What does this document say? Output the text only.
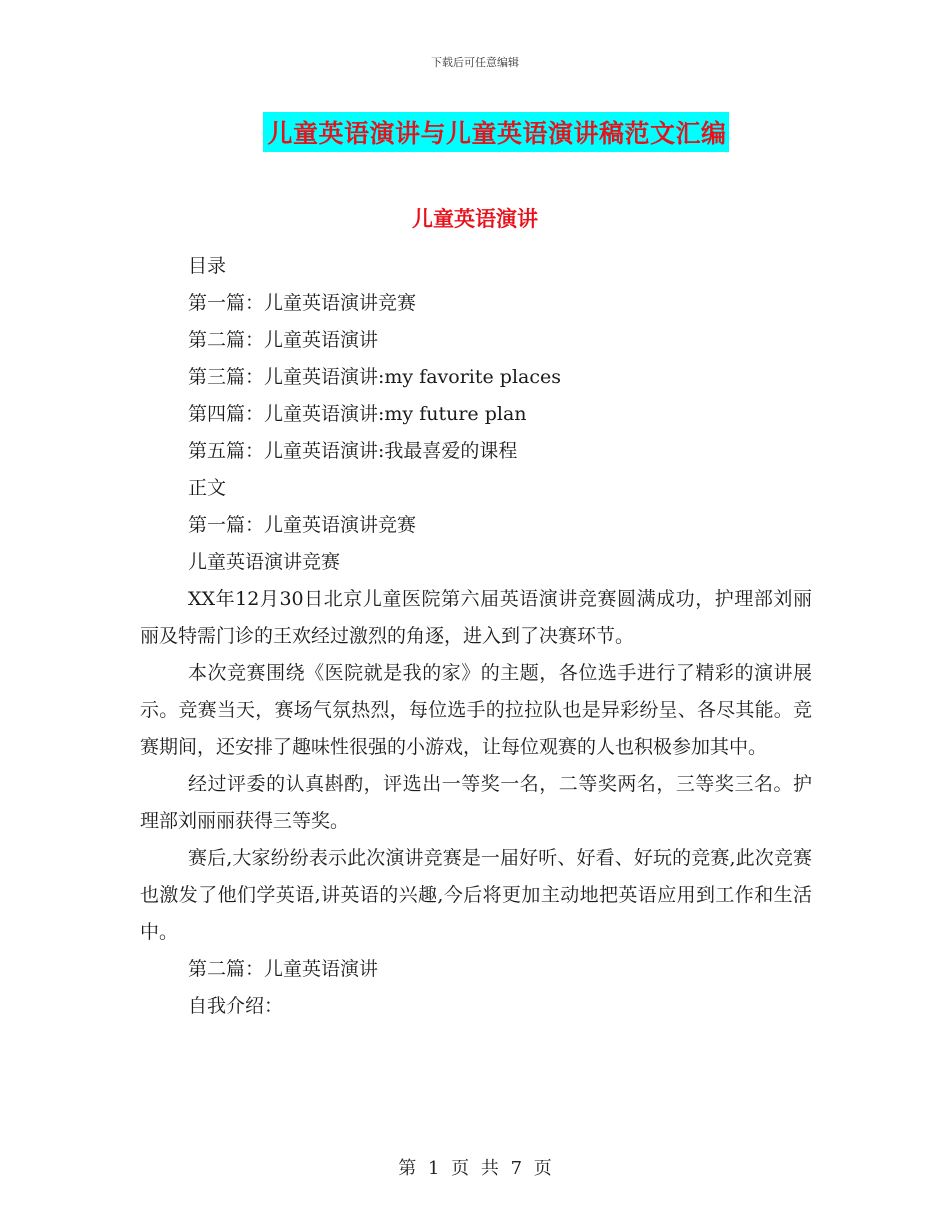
下载后可任意编辑
儿童英语演讲与儿童英语演讲稿范文汇编
儿童英语演讲
目录
第一篇：儿童英语演讲竞赛
第二篇：儿童英语演讲
第三篇：儿童英语演讲:my favorite places
第四篇：儿童英语演讲:my future plan
第五篇：儿童英语演讲:我最喜爱的课程
正文
第一篇：儿童英语演讲竞赛
儿童英语演讲竞赛

XX年12月30日北京儿童医院第六届英语演讲竞赛圆满成功，护理部刘丽丽及特需门诊的王欢经过激烈的角逐，进入到了决赛环节。

本次竞赛围绕《医院就是我的家》的主题，各位选手进行了精彩的演讲展示。竞赛当天，赛场气氛热烈，每位选手的拉拉队也是异彩纷呈、各尽其能。竞赛期间，还安排了趣味性很强的小游戏，让每位观赛的人也积极参加其中。

经过评委的认真斟酌，评选出一等奖一名，二等奖两名，三等奖三名。护理部刘丽丽获得三等奖。

赛后,大家纷纷表示此次演讲竞赛是一届好听、好看、好玩的竞赛,此次竞赛也激发了他们学英语,讲英语的兴趣,今后将更加主动地把英语应用到工作和生活中。

第二篇：儿童英语演讲
自我介绍：
第 1 页 共 7 页
